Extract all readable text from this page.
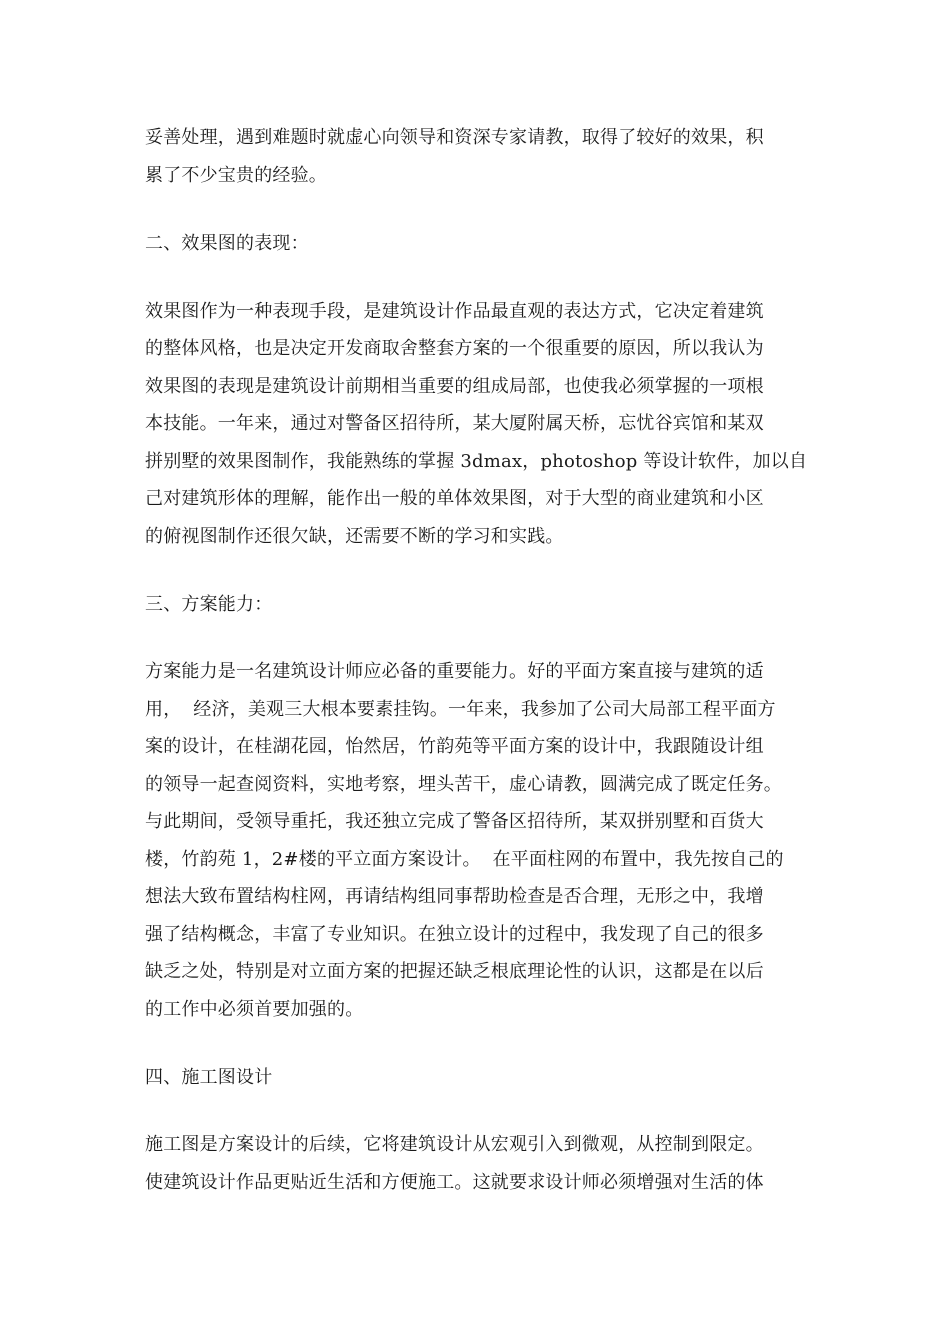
妥善处理，遇到难题时就虚心向领导和资深专家请教，取得了较好的效果，积
累了不少宝贵的经验。
二、效果图的表现：
效果图作为一种表现手段，是建筑设计作品最直观的表达方式，它决定着建筑
的整体风格，也是决定开发商取舍整套方案的一个很重要的原因，所以我认为
效果图的表现是建筑设计前期相当重要的组成局部，也使我必须掌握的一项根
本技能。一年来，通过对警备区招待所，某大厦附属天桥，忘忧谷宾馆和某双
拼别墅的效果图制作，我能熟练的掌握 3dmax，photoshop 等设计软件，加以自
己对建筑形体的理解，能作出一般的单体效果图，对于大型的商业建筑和小区
的俯视图制作还很欠缺，还需要不断的学习和实践。
三、方案能力：
方案能力是一名建筑设计师应必备的重要能力。好的平面方案直接与建筑的适
用，  经济，美观三大根本要素挂钩。一年来，我参加了公司大局部工程平面方
案的设计，在桂湖花园，怡然居，竹韵苑等平面方案的设计中，我跟随设计组
的领导一起查阅资料，实地考察，埋头苦干，虚心请教，圆满完成了既定任务。
与此期间，受领导重托，我还独立完成了警备区招待所，某双拼别墅和百货大
楼，竹韵苑 1，2#楼的平立面方案设计。  在平面柱网的布置中，我先按自己的
想法大致布置结构柱网，再请结构组同事帮助检查是否合理，无形之中，我增
强了结构概念，丰富了专业知识。在独立设计的过程中，我发现了自己的很多
缺乏之处，特别是对立面方案的把握还缺乏根底理论性的认识，这都是在以后
的工作中必须首要加强的。
四、施工图设计
施工图是方案设计的后续，它将建筑设计从宏观引入到微观，从控制到限定。
使建筑设计作品更贴近生活和方便施工。这就要求设计师必须增强对生活的体
